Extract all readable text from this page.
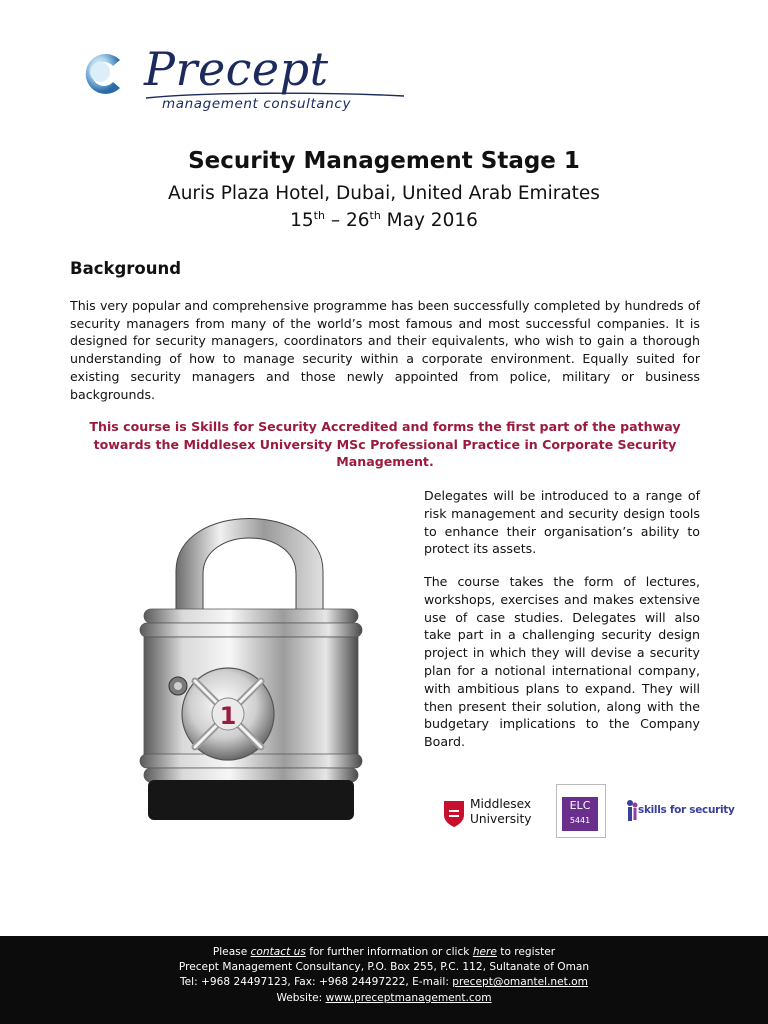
Precept
management consultancy
Security Management Stage 1
Auris Plaza Hotel, Dubai, United Arab Emirates
15th – 26th May 2016
Background
This very popular and comprehensive programme has been successfully completed by hundreds of security managers from many of the world’s most famous and most successful companies. It is designed for security managers, coordinators and their equivalents, who wish to gain a thorough understanding of how to manage security within a corporate environment. Equally suited for existing security managers and those newly appointed from police, military or business backgrounds.
This course is Skills for Security Accredited and forms the first part of the pathway towards the Middlesex University MSc Professional Practice in Corporate Security Management.
1
Delegates will be introduced to a range of risk management and security design tools to enhance their organisation’s ability to protect its assets.
The course takes the form of lectures, workshops, exercises and makes extensive use of case studies. Delegates will also take part in a challenging security design project in which they will devise a security plan for a notional international company, with ambitious plans to expand. They will then present their solution, along with the budgetary implications to the Company Board.
Middlesex
University
ELC
5441
skills for security
Please contact us for further information or click here to register
Precept Management Consultancy, P.O. Box 255, P.C. 112, Sultanate of Oman
Tel: +968 24497123, Fax: +968 24497222, E-mail: precept@omantel.net.om
Website: www.preceptmanagement.com
